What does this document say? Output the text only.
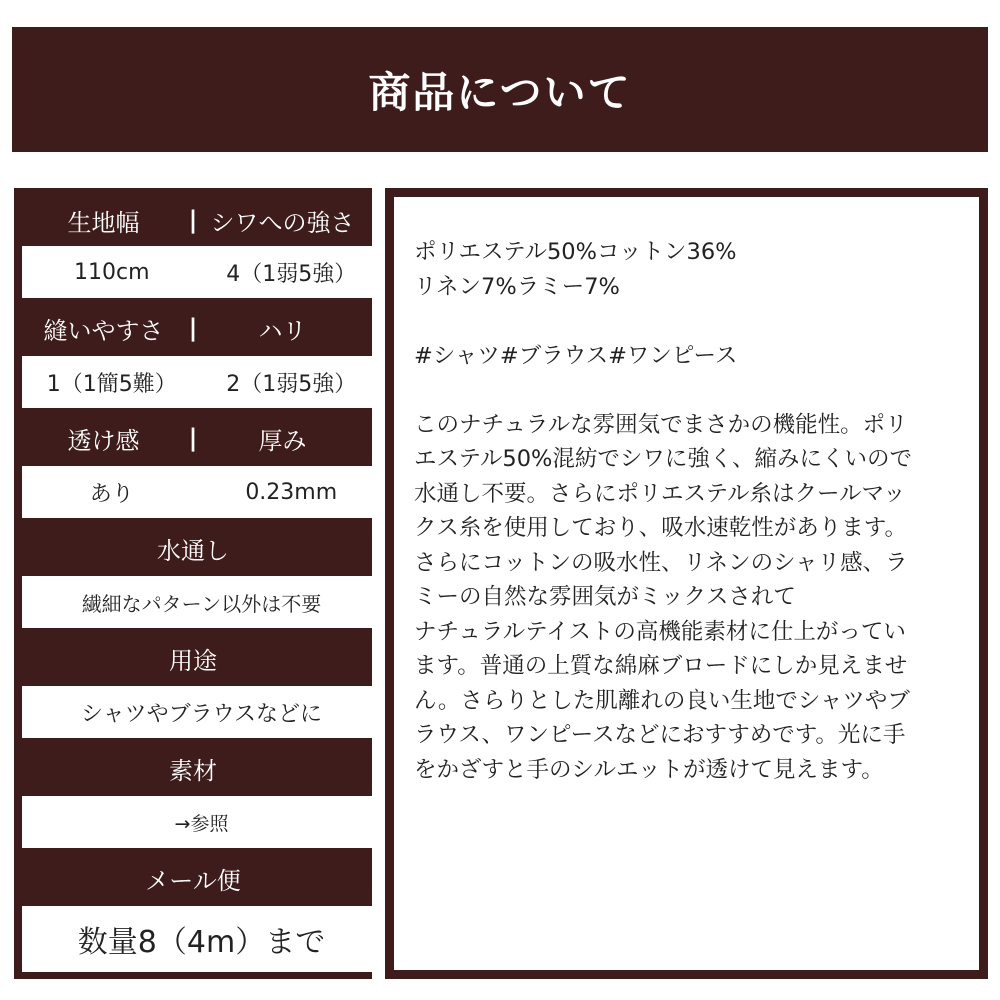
商品について
生地幅	| シワへの強さ
110cm	4（1弱5強）
縫いやすさ	|	ハリ
1（1簡5難）	2（1弱5強）
透け感	|	厚み
あり	0.23mm
水通し
繊細なパターン以外は不要
用途
シャツやブラウスなどに
素材
→参照
メール便
数量8（4m）まで

ポリエステル50%コットン36%

リネン7%ラミー7%

#シャツ#ブラウス#ワンピース

このナチュラルな雰囲気でまさかの機能性。ポリ

エステル50%混紡でシワに強く、縮みにくいので

水通し不要。さらにポリエステル糸はクールマッ

クス糸を使用しており、吸水速乾性があります。

さらにコットンの吸水性、リネンのシャリ感、ラ

ミーの自然な雰囲気がミックスされて

ナチュラルテイストの高機能素材に仕上がってい

ます。普通の上質な綿麻ブロードにしか見えませ

ん。さらりとした肌離れの良い生地でシャツやブ

ラウス、ワンピースなどにおすすめです。光に手

をかざすと手のシルエットが透けて見えます。
